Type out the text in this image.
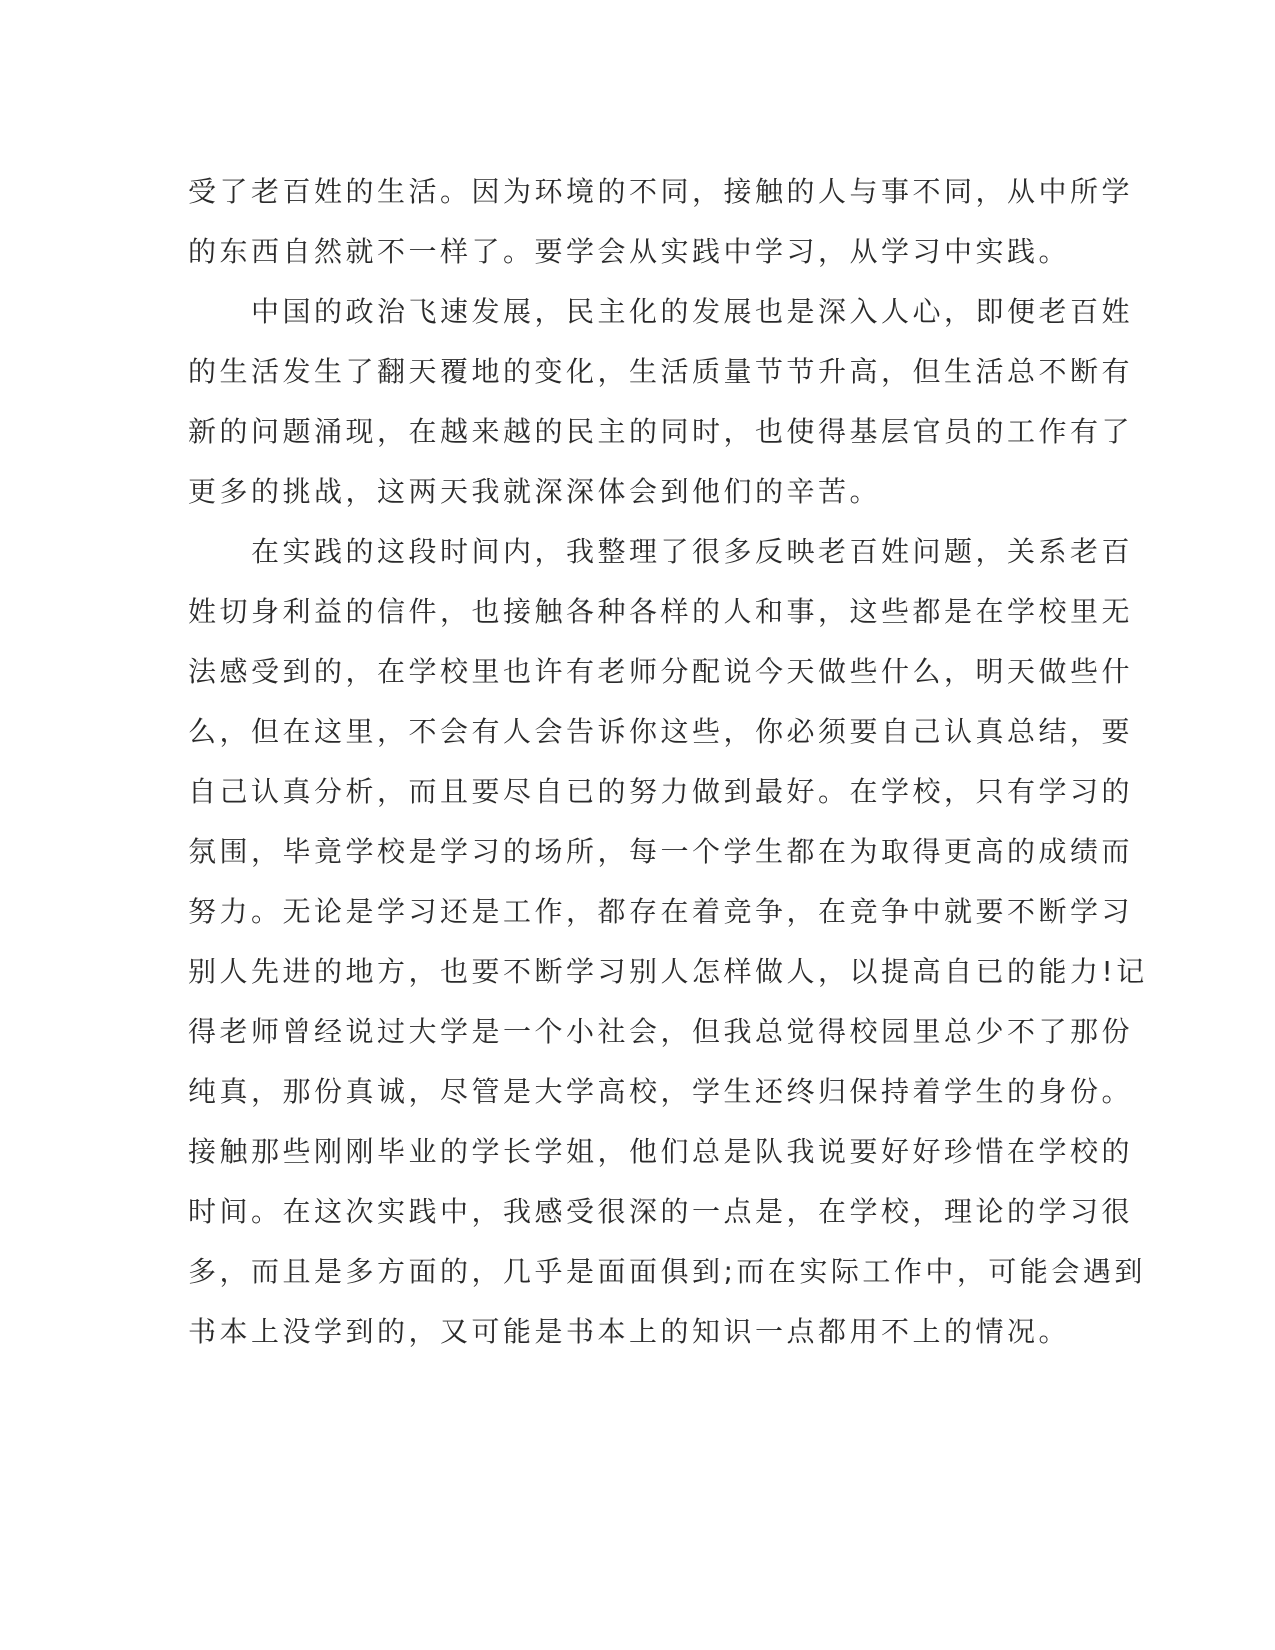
受了老百姓的生活。因为环境的不同，接触的人与事不同，从中所学
的东西自然就不一样了。要学会从实践中学习，从学习中实践。
　　中国的政治飞速发展，民主化的发展也是深入人心，即便老百姓
的生活发生了翻天覆地的变化，生活质量节节升高，但生活总不断有
新的问题涌现，在越来越的民主的同时，也使得基层官员的工作有了
更多的挑战，这两天我就深深体会到他们的辛苦。
　　在实践的这段时间内，我整理了很多反映老百姓问题，关系老百
姓切身利益的信件，也接触各种各样的人和事，这些都是在学校里无
法感受到的，在学校里也许有老师分配说今天做些什么，明天做些什
么，但在这里，不会有人会告诉你这些，你必须要自己认真总结，要
自己认真分析，而且要尽自已的努力做到最好。在学校，只有学习的
氛围，毕竟学校是学习的场所，每一个学生都在为取得更高的成绩而
努力。无论是学习还是工作，都存在着竞争，在竞争中就要不断学习
别人先进的地方，也要不断学习别人怎样做人，以提高自已的能力!记
得老师曾经说过大学是一个小社会，但我总觉得校园里总少不了那份
纯真，那份真诚，尽管是大学高校，学生还终归保持着学生的身份。
接触那些刚刚毕业的学长学姐，他们总是队我说要好好珍惜在学校的
时间。在这次实践中，我感受很深的一点是，在学校，理论的学习很
多，而且是多方面的，几乎是面面俱到;而在实际工作中，可能会遇到
书本上没学到的，又可能是书本上的知识一点都用不上的情况。
